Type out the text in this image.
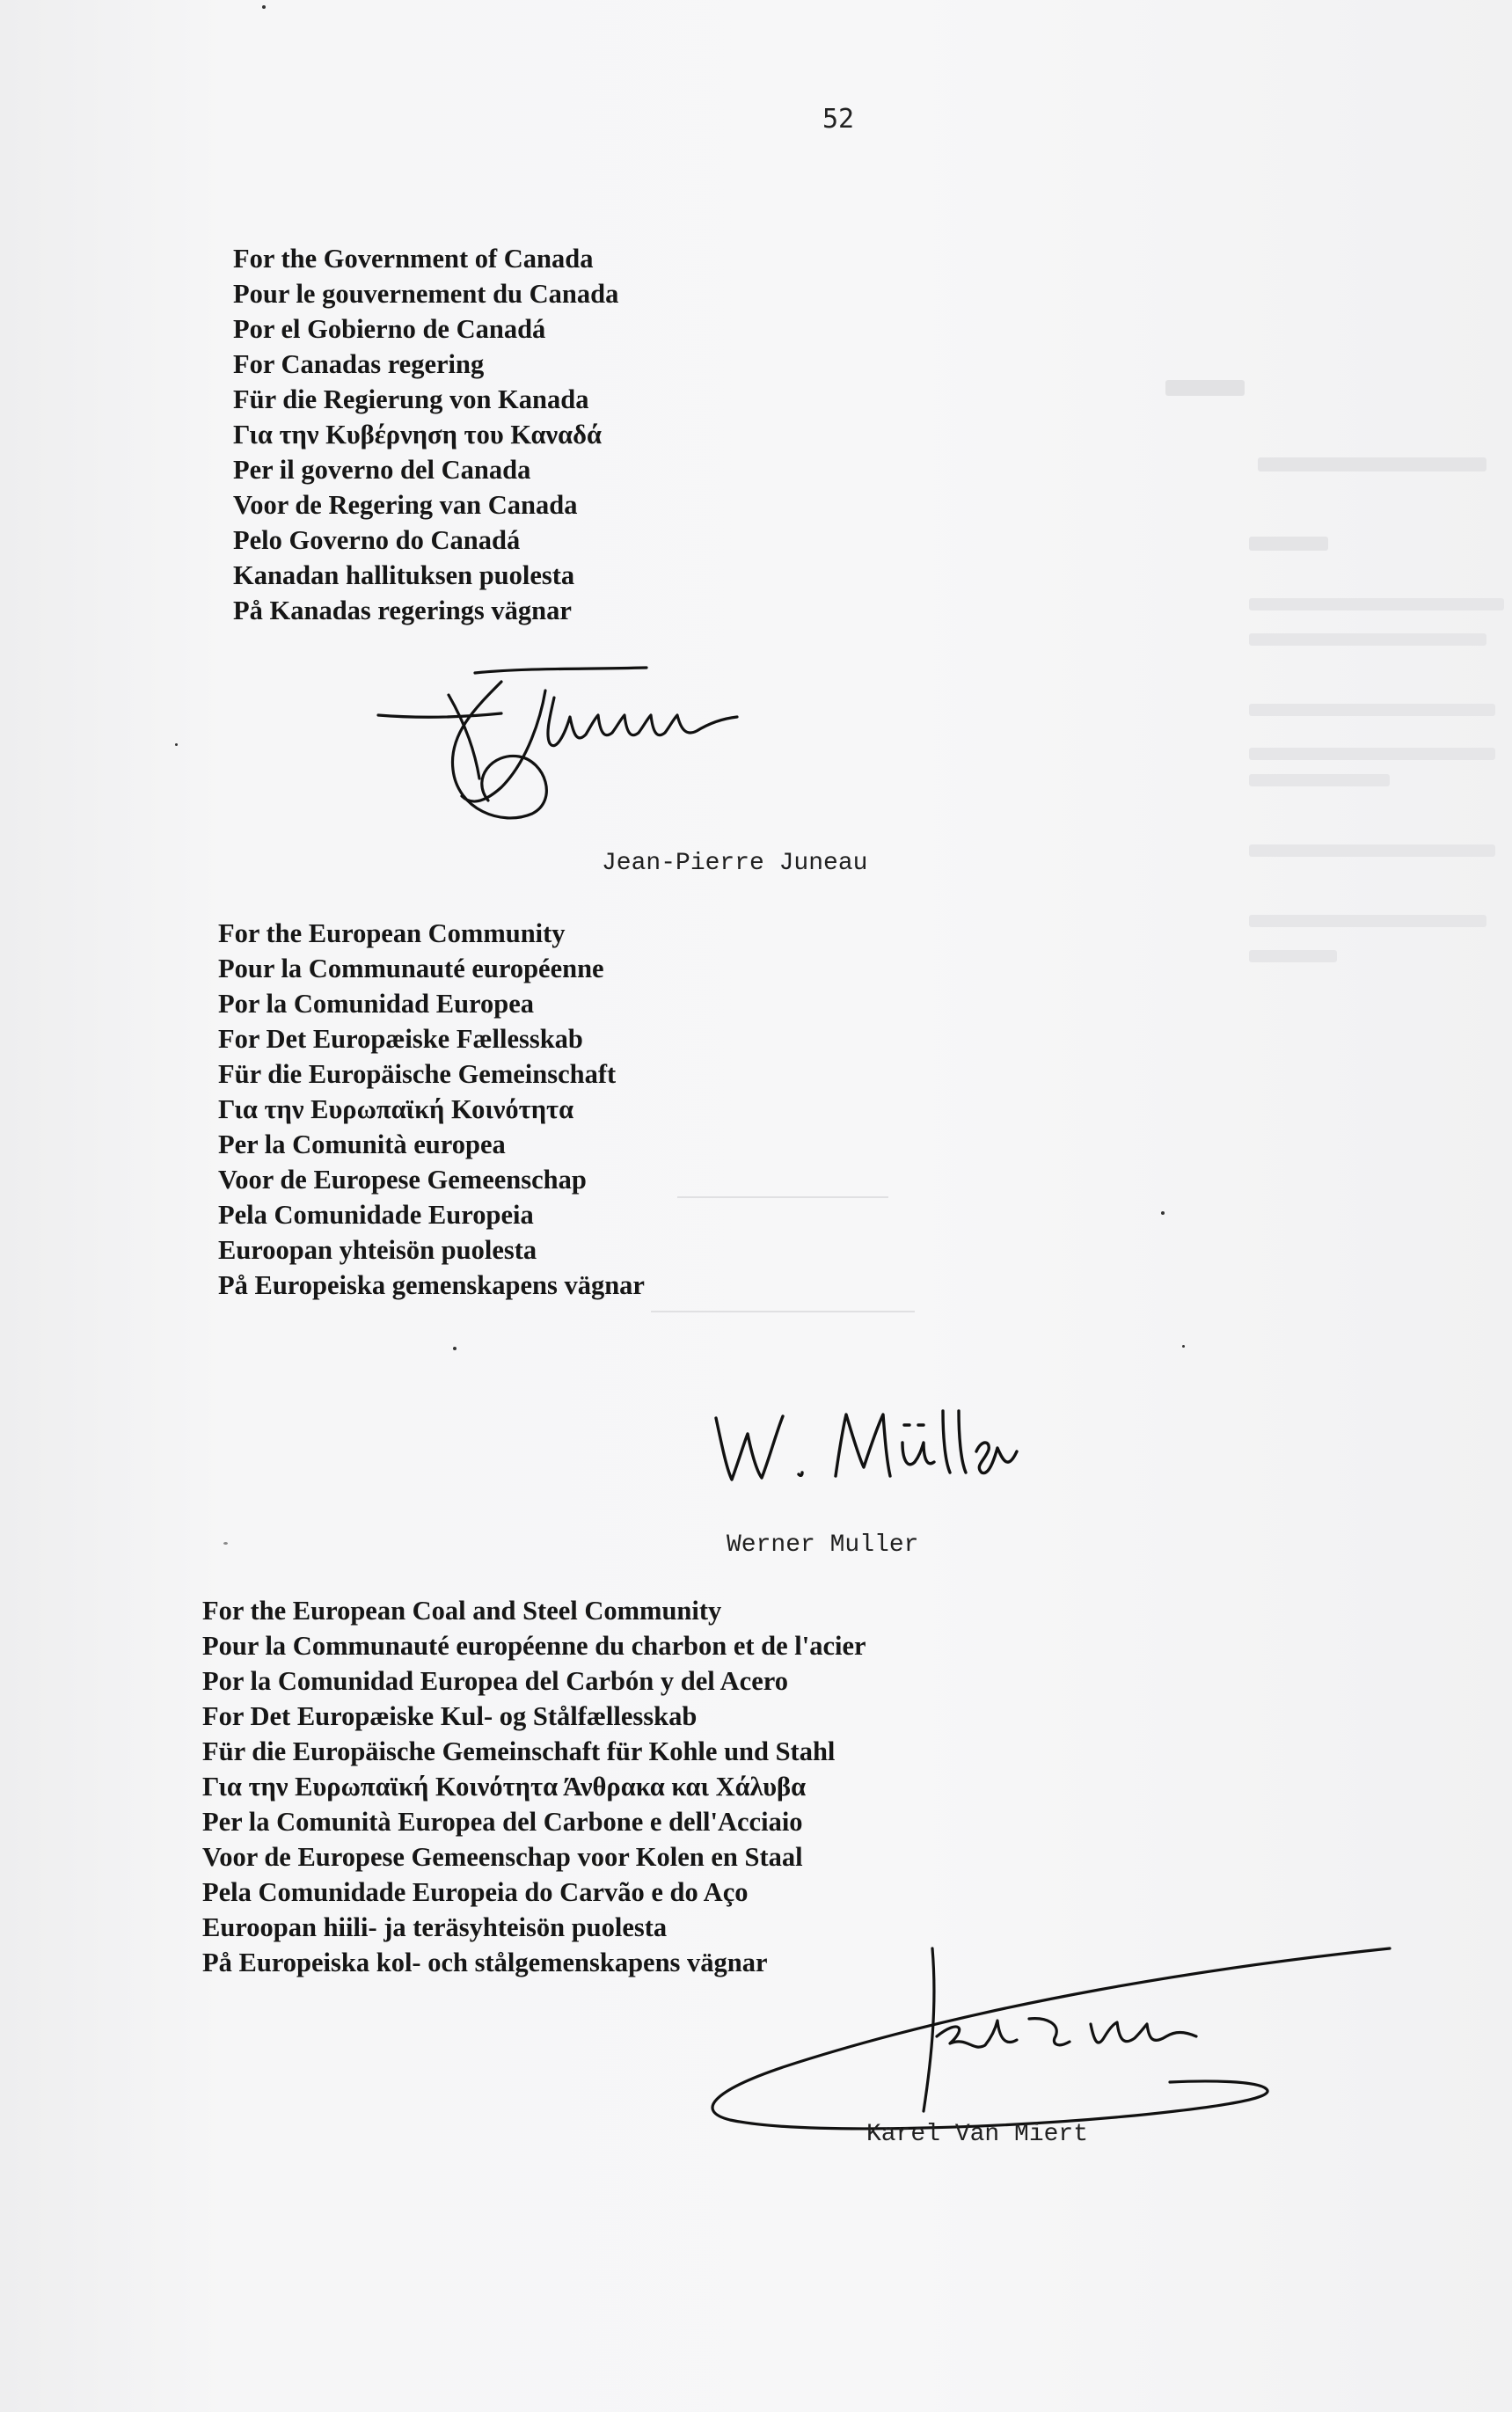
52
For the Government of Canada
Pour le gouvernement du Canada
Por el Gobierno de Canadá
For Canadas regering
Für die Regierung von Kanada
Για την Κυβέρνηση του Καναδά
Per il governo del Canada
Voor de Regering van Canada
Pelo Governo do Canadá
Kanadan hallituksen puolesta
På Kanadas regerings vägnar
Jean-Pierre Juneau
For the European Community
Pour la Communauté européenne
Por la Comunidad Europea
For Det Europæiske Fællesskab
Für die Europäische Gemeinschaft
Για την Ευρωπαϊκή Κοινότητα
Per la Comunità europea
Voor de Europese Gemeenschap
Pela Comunidade Europeia
Euroopan yhteisön puolesta
På Europeiska gemenskapens vägnar
Werner Muller
For the European Coal and Steel Community
Pour la Communauté européenne du charbon et de l'acier
Por la Comunidad Europea del Carbón y del Acero
For Det Europæiske Kul- og Stålfællesskab
Für die Europäische Gemeinschaft für Kohle und Stahl
Για την Ευρωπαϊκή Κοινότητα Άνθρακα και Χάλυβα
Per la Comunità Europea del Carbone e dell'Acciaio
Voor de Europese Gemeenschap voor Kolen en Staal
Pela Comunidade Europeia do Carvão e do Aço
Euroopan hiili- ja teräsyhteisön puolesta
På Europeiska kol- och stålgemenskapens vägnar
Karel Van Miert
